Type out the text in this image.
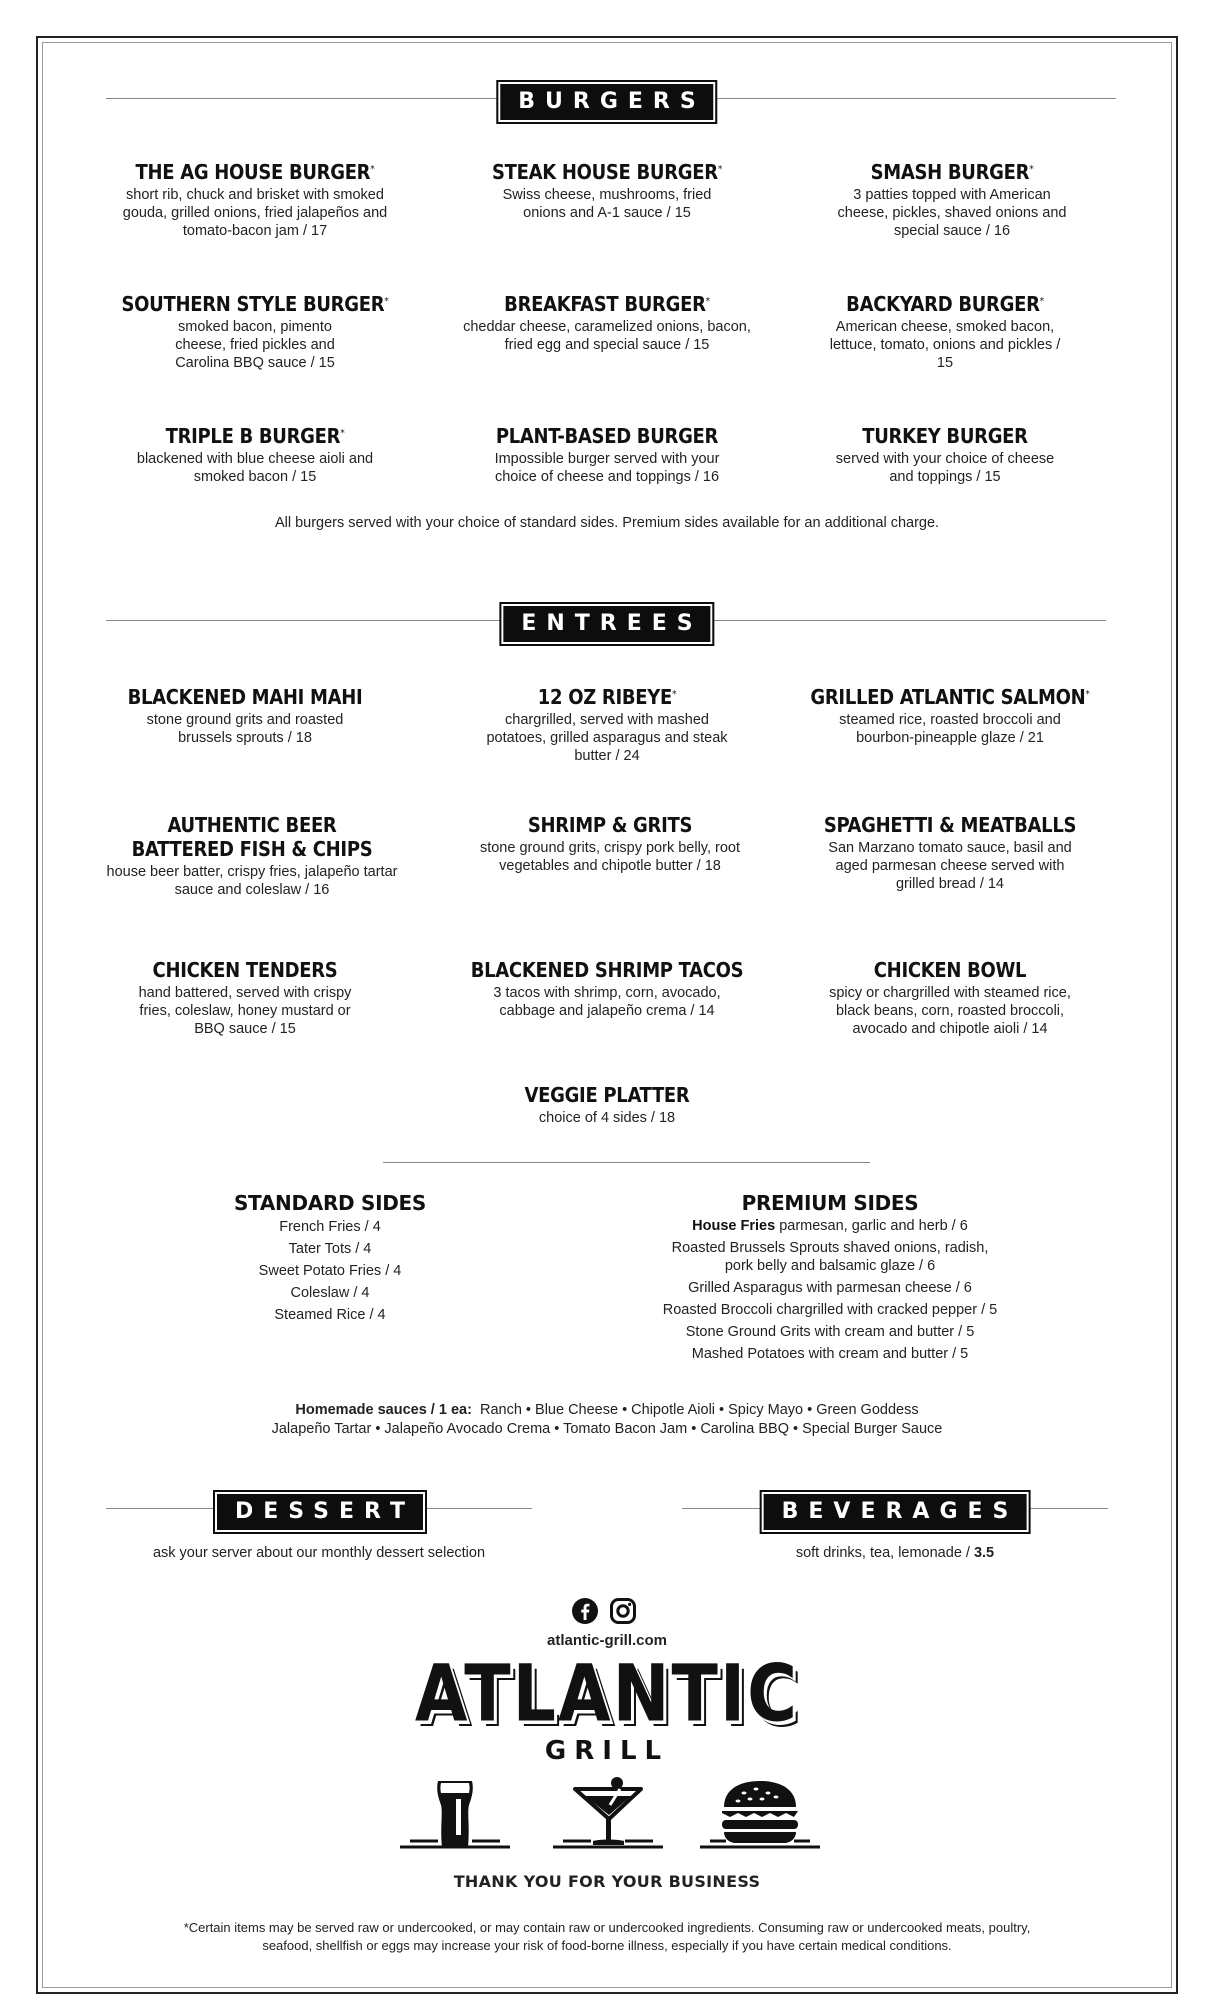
BURGERS
THE AG HOUSE BURGER*
short rib, chuck and brisket with smoked gouda, grilled onions, fried jalapeños and tomato-bacon jam / 17
STEAK HOUSE BURGER*
Swiss cheese, mushrooms, fried onions and A-1 sauce / 15
SMASH BURGER*
3 patties topped with American cheese, pickles, shaved onions and special sauce / 16
SOUTHERN STYLE BURGER*
smoked bacon, pimento cheese, fried pickles and Carolina BBQ sauce / 15
BREAKFAST BURGER*
cheddar cheese, caramelized onions, bacon, fried egg and special sauce / 15
BACKYARD BURGER*
American cheese, smoked bacon, lettuce, tomato, onions and pickles / 15
TRIPLE B BURGER*
blackened with blue cheese aioli and smoked bacon / 15
PLANT-BASED BURGER
Impossible burger served with your choice of cheese and toppings / 16
TURKEY BURGER
served with your choice of cheese and toppings / 15
All burgers served with your choice of standard sides. Premium sides available for an additional charge.
ENTREES
BLACKENED MAHI MAHI
stone ground grits and roasted brussels sprouts / 18
12 OZ RIBEYE*
chargrilled, served with mashed potatoes, grilled asparagus and steak butter / 24
GRILLED ATLANTIC SALMON*
steamed rice, roasted broccoli and bourbon-pineapple glaze / 21
AUTHENTIC BEER BATTERED FISH & CHIPS
house beer batter, crispy fries, jalapeño tartar sauce and coleslaw / 16
SHRIMP & GRITS
stone ground grits, crispy pork belly, root vegetables and chipotle butter / 18
SPAGHETTI & MEATBALLS
San Marzano tomato sauce, basil and aged parmesan cheese served with grilled bread / 14
CHICKEN TENDERS
hand battered, served with crispy fries, coleslaw, honey mustard or BBQ sauce / 15
BLACKENED SHRIMP TACOS
3 tacos with shrimp, corn, avocado, cabbage and jalapeño crema / 14
CHICKEN BOWL
spicy or chargrilled with steamed rice, black beans, corn, roasted broccoli, avocado and chipotle aioli / 14
VEGGIE PLATTER
choice of 4 sides / 18
STANDARD SIDES
French Fries / 4
Tater Tots / 4
Sweet Potato Fries / 4
Coleslaw / 4
Steamed Rice / 4
PREMIUM SIDES
House Fries parmesan, garlic and herb / 6
Roasted Brussels Sprouts shaved onions, radish, pork belly and balsamic glaze / 6
Grilled Asparagus with parmesan cheese / 6
Roasted Broccoli chargrilled with cracked pepper / 5
Stone Ground Grits with cream and butter / 5
Mashed Potatoes with cream and butter / 5
Homemade sauces / 1 ea: Ranch • Blue Cheese • Chipotle Aioli • Spicy Mayo • Green Goddess
Jalapeño Tartar • Jalapeño Avocado Crema • Tomato Bacon Jam • Carolina BBQ • Special Burger Sauce
DESSERT
ask your server about our monthly dessert selection
BEVERAGES
soft drinks, tea, lemonade / 3.5
atlantic-grill.com
ATLANTIC
GRILL
THANK YOU FOR YOUR BUSINESS
*Certain items may be served raw or undercooked, or may contain raw or undercooked ingredients. Consuming raw or undercooked meats, poultry,
seafood, shellfish or eggs may increase your risk of food-borne illness, especially if you have certain medical conditions.
